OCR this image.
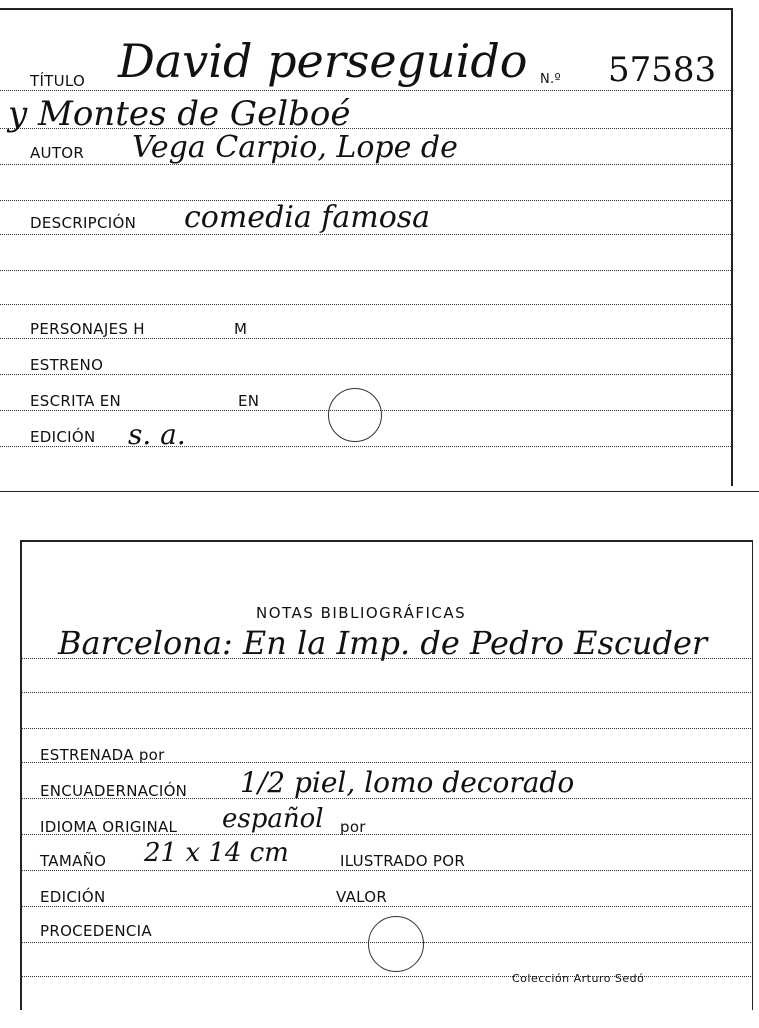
TÍTULO David perseguido N.º 57583
y Montes de Gelboé
AUTOR Vega Carpio, Lope de
DESCRIPCIÓN comedia famosa
PERSONAJES H	M
ESTRENO
ESCRITA EN	EN
EDICIÓN s. a.
NOTAS BIBLIOGRÁFICAS
Barcelona: En la Imp. de Pedro Escuder
ESTRENADA por
ENCUADERNACIÓN 1/2 piel, lomo decorado
IDIOMA ORIGINAL español por
TAMAÑO 21 x 14 cm	ILUSTRADO POR
EDICIÓN	VALOR
PROCEDENCIA
Colección Arturo Sedó
